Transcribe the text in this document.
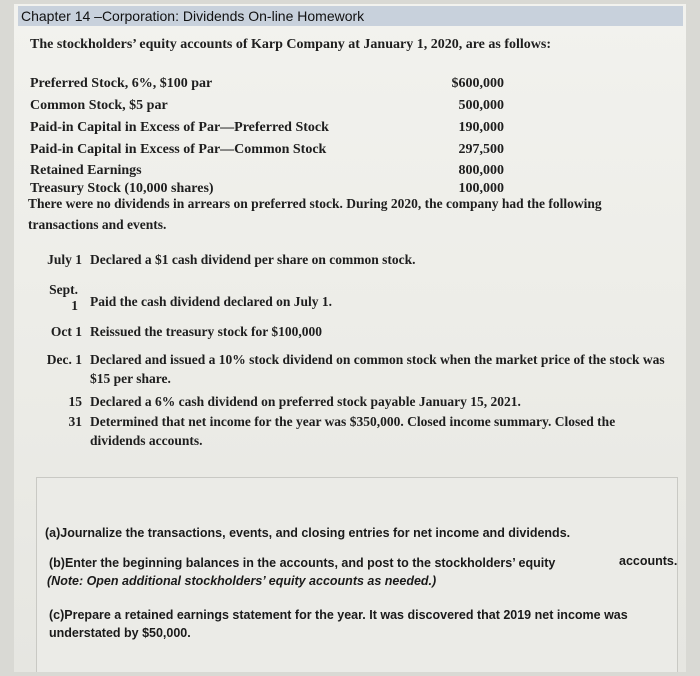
Chapter 14 –Corporation: Dividends On-line Homework
The stockholders’ equity accounts of Karp Company at January 1, 2020, are as follows:
Preferred Stock, 6%, $100 par	$600,000
Common Stock, $5 par	500,000
Paid-in Capital in Excess of Par—Preferred Stock	190,000
Paid-in Capital in Excess of Par—Common Stock	297,500
Retained Earnings	800,000
Treasury Stock (10,000 shares)	100,000
There were no dividends in arrears on preferred stock. During 2020, the company had the following transactions and events.
July 1 Declared a $1 cash dividend per share on common stock.
Sept. 1 Paid the cash dividend declared on July 1.
Oct 1 Reissued the treasury stock for $100,000
Dec. 1 Declared and issued a 10% stock dividend on common stock when the market price of the stock was $15 per share.
15 Declared a 6% cash dividend on preferred stock payable January 15, 2021.
31 Determined that net income for the year was $350,000. Closed income summary. Closed the dividends accounts.
(a)Journalize the transactions, events, and closing entries for net income and dividends.
(b)Enter the beginning balances in the accounts, and post to the stockholders’ equity	accounts.
(Note: Open additional stockholders’ equity accounts as needed.)
(c)Prepare a retained earnings statement for the year. It was discovered that 2019 net income was understated by $50,000.
